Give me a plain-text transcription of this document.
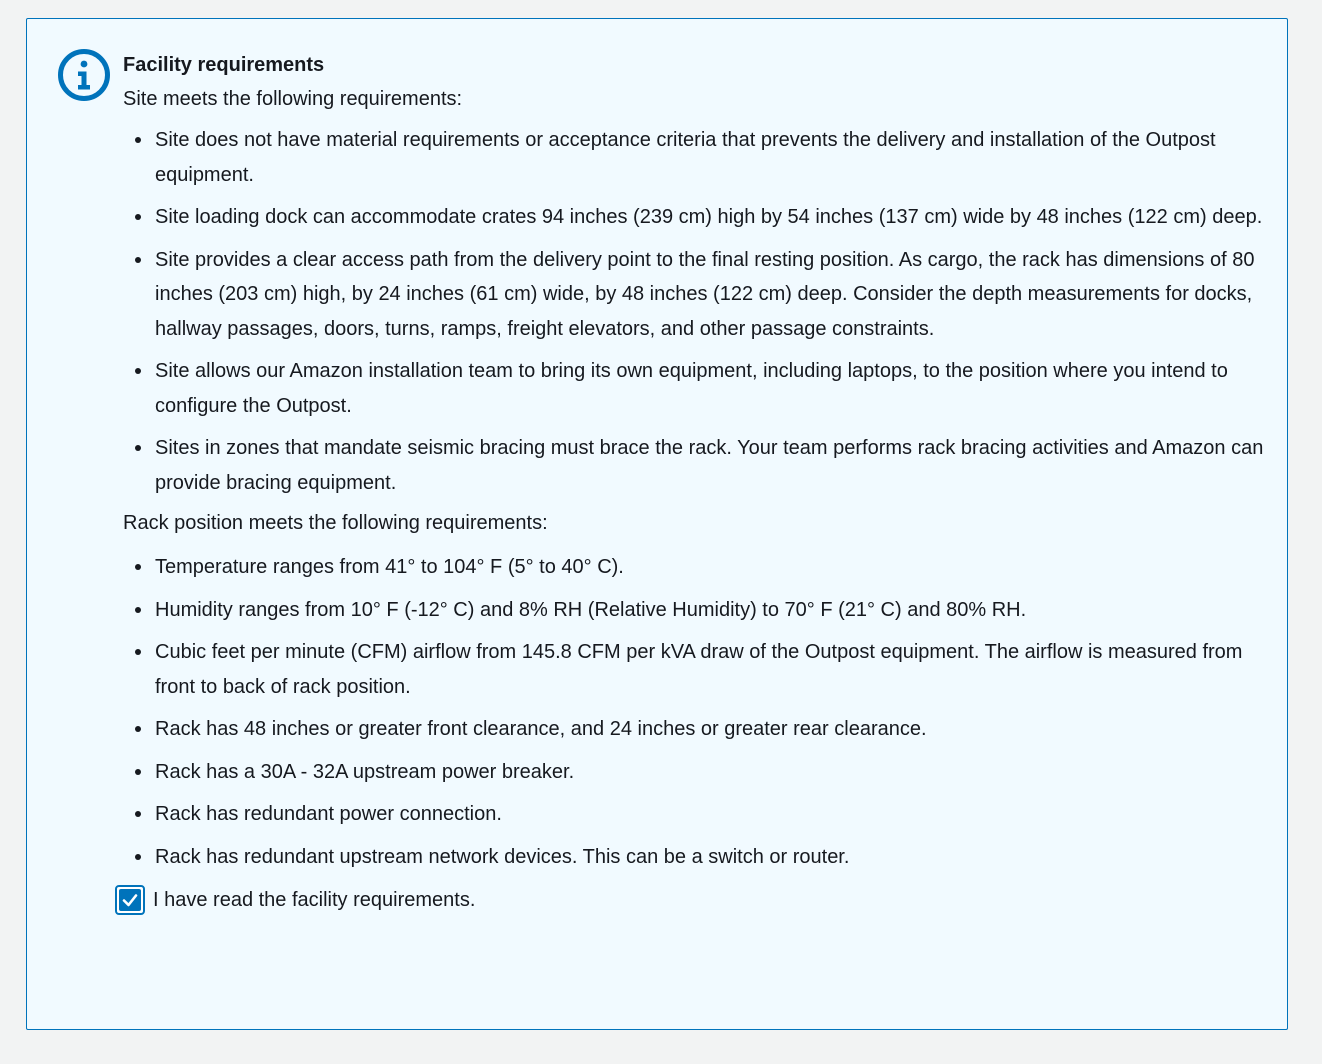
Facility requirements
Site meets the following requirements:
Site does not have material requirements or acceptance criteria that prevents the delivery and installation of the Outpost equipment.
Site loading dock can accommodate crates 94 inches (239 cm) high by 54 inches (137 cm) wide by 48 inches (122 cm) deep.
Site provides a clear access path from the delivery point to the final resting position. As cargo, the rack has dimensions of 80 inches (203 cm) high, by 24 inches (61 cm) wide, by 48 inches (122 cm) deep. Consider the depth measurements for docks, hallway passages, doors, turns, ramps, freight elevators, and other passage constraints.
Site allows our Amazon installation team to bring its own equipment, including laptops, to the position where you intend to configure the Outpost.
Sites in zones that mandate seismic bracing must brace the rack. Your team performs rack bracing activities and Amazon can provide bracing equipment.
Rack position meets the following requirements:
Temperature ranges from 41° to 104° F (5° to 40° C).
Humidity ranges from 10° F (-12° C) and 8% RH (Relative Humidity) to 70° F (21° C) and 80% RH.
Cubic feet per minute (CFM) airflow from 145.8 CFM per kVA draw of the Outpost equipment. The airflow is measured from front to back of rack position.
Rack has 48 inches or greater front clearance, and 24 inches or greater rear clearance.
Rack has a 30A - 32A upstream power breaker.
Rack has redundant power connection.
Rack has redundant upstream network devices. This can be a switch or router.
I have read the facility requirements.
